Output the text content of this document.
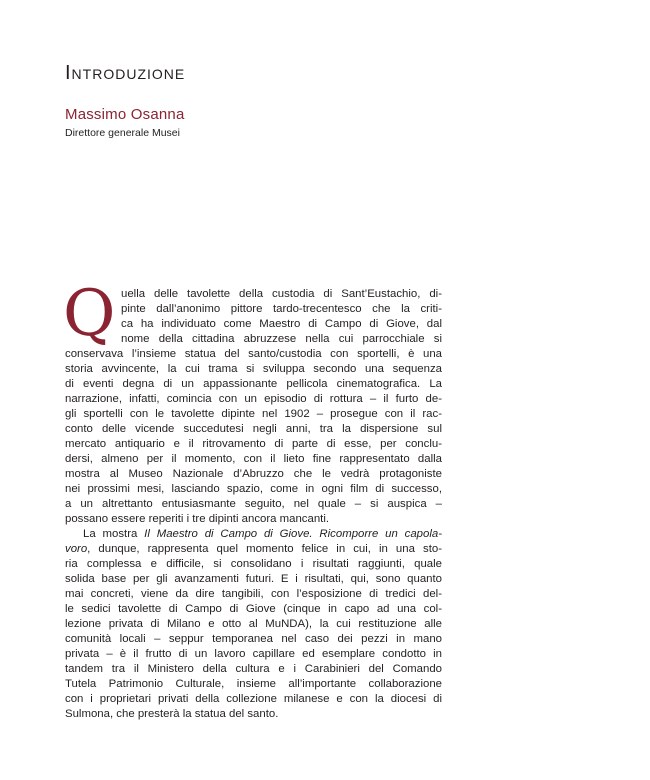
Introduzione
Massimo Osanna
Direttore generale Musei
Q uella delle tavolette della custodia di Sant’Eustachio, di-
pinte dall’anonimo pittore tardo-trecentesco che la criti-
ca ha individuato come Maestro di Campo di Giove, dal
nome della cittadina abruzzese nella cui parrocchiale si
conservava l’insieme statua del santo/custodia con sportelli, è una
storia avvincente, la cui trama si sviluppa secondo una sequenza
di eventi degna di un appassionante pellicola cinematografica. La
narrazione, infatti, comincia con un episodio di rottura – il furto de-
gli sportelli con le tavolette dipinte nel 1902 – prosegue con il rac-
conto delle vicende succedutesi negli anni, tra la dispersione sul
mercato antiquario e il ritrovamento di parte di esse, per conclu-
dersi, almeno per il momento, con il lieto fine rappresentato dalla
mostra al Museo Nazionale d’Abruzzo che le vedrà protagoniste
nei prossimi mesi, lasciando spazio, come in ogni film di successo,
a un altrettanto entusiasmante seguito, nel quale – si auspica –
possano essere reperiti i tre dipinti ancora mancanti.
La mostra Il Maestro di Campo di Giove. Ricomporre un capola-
voro, dunque, rappresenta quel momento felice in cui, in una sto-
ria complessa e difficile, si consolidano i risultati raggiunti, quale
solida base per gli avanzamenti futuri. E i risultati, qui, sono quanto
mai concreti, viene da dire tangibili, con l’esposizione di tredici del-
le sedici tavolette di Campo di Giove (cinque in capo ad una col-
lezione privata di Milano e otto al MuNDA), la cui restituzione alle
comunità locali – seppur temporanea nel caso dei pezzi in mano
privata – è il frutto di un lavoro capillare ed esemplare condotto in
tandem tra il Ministero della cultura e i Carabinieri del Comando
Tutela Patrimonio Culturale, insieme all’importante collaborazione
con i proprietari privati della collezione milanese e con la diocesi di
Sulmona, che presterà la statua del santo.
